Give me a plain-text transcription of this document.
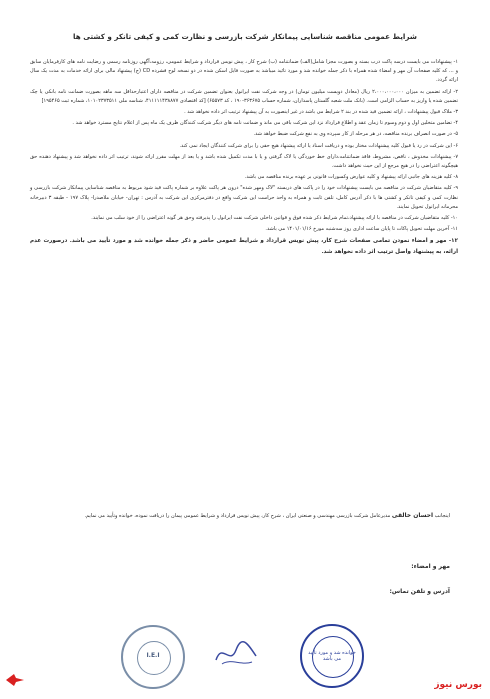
شرایط عمومی مناقصه شناسایی پیمانکار شرکت بازرسی و نظارت کمی و کیفی تانکر و کشتی ها

۱- پیشنهادات می بایست درسه پاکت درب بسته و بصورت مجزا شامل(الف) ضمانتنامه (ب) شرح کار ، پیش نویس قرارداد و شرایط عمومی، رزومه،آگهی روزنامه رسمی و رضایت نامه های کارفرمایان سابق و ... که کلیه صفحات آن مهر و امضاء شده همراه با ذکر جمله خوانده شد و مورد تائید میباشد به صورت فایل اسکن شده در دو نسخه لوح فشرده CD (ج) پیشنهاد مالی برای ارائه خدمات به مدت یک سال ارائه گردد.

۲- ارائه تضمین به میزان ۲،۰۰۰،۰۰۰،۰۰۰ ریال (معادل دویست میلیون تومان) در وجه شرکت نفت ایرانول بعنوان تضمین شرکت در مناقصه دارای اعتبارحداقل سه ماهه بصورت ضمانت نامه بانکی یا چک تضمین شده یا واریز به حساب الزامی است. (بانک ملت شعبه گلستان پاسداران، شماره حساب ۳۶۳۶۷۵-۱۹۰ ، کد ۶۵۵۷۳) [کد اقتصادی ۴۱۱۱۱۱۴۳۸۸۷۷، شناسه ملی ۱۰۱۰۲۳۷۳۵۱۱، شماره ثبت ۱۹۵۴۶۵]

۳- ملاک قبول پیشنهادات ، ارائه تضمین قید شده در بند ۲ شرایط می باشد در غیر اینصورت به آن پیشنهاد ترتیب اثر داده نخواهد شد .

۴- تضامین متخلین اول و دوم وسوم تا زمان عقد و اطلاع قرارداد نزد این شرکت باقی می ماند و ضمانت نامه های دیگر شرکت کنندگان ظرف یک ماه پس از اعلام نتایج مسترد خواهد شد .

۵- در صورت انصراف برنده مناقصه، در هر مرحله از کار سپرده وی به نفع شرکت ضبط خواهد شد.

۶- این شرکت در رد یا قبول کلیه پیشنهادات مختار بوده و دریافت اسناد یا ارائه پیشنهاد هیچ حقی را برای شرکت کنندگان ایجاد نمی کند.

۷- پیشنهادات مخدوش ، ناقص، مشروط، فاقد ضمانتنامه،دارای خط خوردگی یا لاک گرفتی و یا با مدت تکمیل شده باشد و یا بعد از مهلت مقرر ارائه شوند، ترتیب اثر داده نخواهد شد و پیشنهاد دهنده حق هیچگونه اعتراضی را در هیچ مرجع از این حیث نخواهد داشت.

۸- کلیه هزینه های جانبی ارائه پیشنهاد و کلیه عوارض وکسورات قانونی بر عهده برنده مناقصه می باشد.

۹- کلیه متقاضیان شرکت در مناقصه می بایست پیشنهادات خود را در پاکت های دربسته "لاک ومهر شده" درون هر پاکت علاوه بر شماره پاکت قید شود مربوط به مناقصه شناسایی پیمانکار شرکت بازرسی و نظارت کمی و کیفی تانکر و کشتی ها با ذکر آدرس کامل، تلفن ثابت و همراه به واحد حراست این شرکت واقع در دفترمرکزی این شرکت به آدرس : تهران- خیابان ملاصدرا- پلاک ۱۹۷ - طبقه ۳ دبیرخانه محرمانه ایرانول تحویل نمایند.

۱۰- کلیه متقاضیان شرکت در مناقصه با ارائه پیشنهاد،تمام شرایط ذکر شده فوق و قوانین داخلی شرکت نفت ایرانول را پذیرفته وحق هر گونه اعتراضی را از خود سلب می نمایند.

۱۱- آخرین مهلت تحویل پاکات تا پایان ساعت اداری روز سه‌شنبه مورخ ۱۴۰۱/۰۱/۱۶ می باشد.

۱۲- مهر و امضاء نمودن تمامی صفحات شرح کار، پیش نویس قرارداد و شرایط عمومی حاضر و ذکر جمله خوانده شد و مورد تأیید می باشد. درصورت عدم ارائه، به پیشنهاد واصل ترتیب اثر داده نخواهد شد.

اینجانب احسان خالقی مدیرعامل شرکت بازرسی مهندسی و صنعتی ایران ، شرح کار، پیش نویس قرارداد و شرایط عمومی پیمان را دریافت نموده، خوانده وتأیید می نمایم.
مهر و امضاء:
آدرس و تلفن تماس:
I.E.I	خوانده شد و مورد تأیید می باشد
بورس نیوز
